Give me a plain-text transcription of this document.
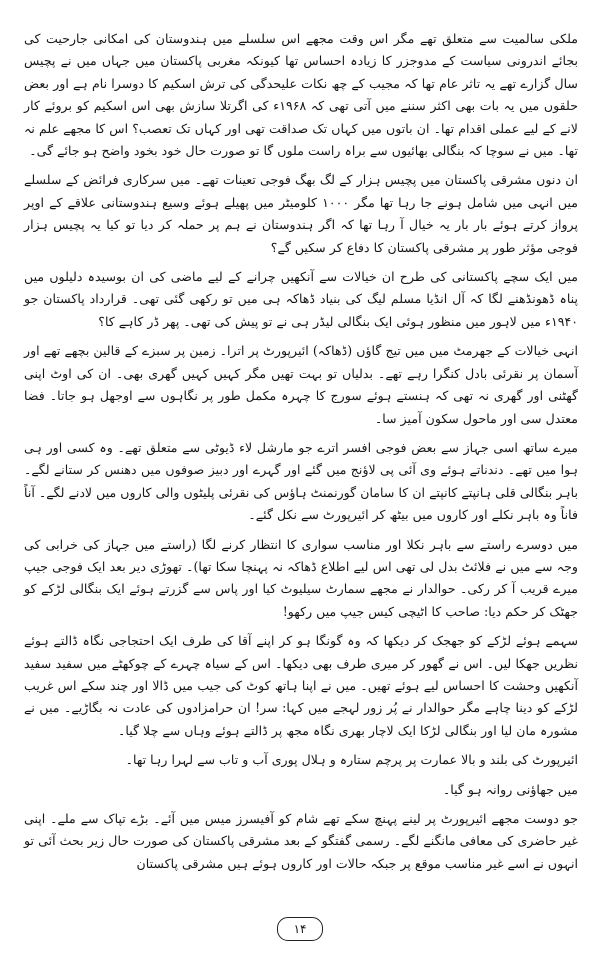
ملکی سالمیت سے متعلق تھے مگر اس وقت مجھے اس سلسلے میں ہندوستان کی امکانی جارحیت کی بجائے اندرونی سیاست کے مدوجزر کا زیادہ احساس تھا کیونکہ مغربی پاکستان میں جہاں میں نے پچیس سال گزارے تھے یہ تاثر عام تھا کہ مجیب کے چھ نکات علیحدگی کی ترش اسکیم کا دوسرا نام ہے اور بعض حلقوں میں یہ بات بھی اکثر سننے میں آتی تھی کہ ۱۹۶۸ء کی اگرتلا سازش بھی اس اسکیم کو بروئے کار لانے کے لیے عملی اقدام تھا۔ ان باتوں میں کہاں تک صداقت تھی اور کہاں تک تعصب؟ اس کا مجھے علم نہ تھا۔ میں نے سوچا کہ بنگالی بھائیوں سے براہ راست ملوں گا تو صورت حال خود بخود واضح ہو جائے گی۔

ان دنوں مشرقی پاکستان میں پچیس ہزار کے لگ بھگ فوجی تعینات تھے۔ میں سرکاری فرائض کے سلسلے میں انہی میں شامل ہونے جا رہا تھا مگر ۱۰۰۰ کلومیٹر میں پھیلے ہوئے وسیع ہندوستانی علاقے کے اوپر پرواز کرتے ہوئے بار بار یہ خیال آ رہا تھا کہ اگر ہندوستان نے ہم پر حملہ کر دیا تو کیا یہ پچیس ہزار فوجی مؤثر طور پر مشرقی پاکستان کا دفاع کر سکیں گے؟

میں ایک سچے پاکستانی کی طرح ان خیالات سے آنکھیں چرانے کے لیے ماضی کی ان بوسیدہ دلیلوں میں پناہ ڈھونڈھنے لگا کہ آل انڈیا مسلم لیگ کی بنیاد ڈھاکہ ہی میں تو رکھی گئی تھی۔ قرارداد پاکستان جو ۱۹۴۰ء میں لاہور میں منظور ہوئی ایک بنگالی لیڈر ہی نے تو پیش کی تھی۔ پھر ڈر کاہے کا؟

انہی خیالات کے جھرمٹ میں میں تیج گاؤں (ڈھاکہ) ائیرپورٹ پر اترا۔ زمین پر سبزے کے قالین بچھے تھے اور آسمان پر نقرئی بادل کنگرا رہے تھے۔ بدلیاں تو بہت تھیں مگر کہیں کہیں گھری بھی۔ ان کی اوٹ اپنی گھٹنی اور گھری نہ تھی کہ ہنستے ہوئے سورج کا چہرہ مکمل طور پر نگاہوں سے اوجھل ہو جاتا۔ فضا معتدل سی اور ماحول سکون آمیز سا۔

میرے ساتھ اسی جہاز سے بعض فوجی افسر اترے جو مارشل لاء ڈیوٹی سے متعلق تھے۔ وہ کسی اور ہی ہوا میں تھے۔ دندناتے ہوئے وی آئی پی لاؤنج میں گئے اور گہرے اور دبیز صوفوں میں دھنس کر ستانے لگے۔ باہر بنگالی قلی ہانپتے کانپتے ان کا سامان گورنمنٹ ہاؤس کی نقرئی پلیٹوں والی کاروں میں لادنے لگے۔ آناً فاناً وہ باہر نکلے اور کاروں میں بیٹھ کر ائیرپورٹ سے نکل گئے۔

میں دوسرے راستے سے باہر نکلا اور مناسب سواری کا انتظار کرنے لگا (راستے میں جہاز کی خرابی کی وجہ سے میں نے فلائٹ بدل لی تھی اس لیے اطلاع ڈھاکہ نہ پہنچا سکا تھا)۔ تھوڑی دیر بعد ایک فوجی جیپ میرے قریب آ کر رکی۔ حوالدار نے مجھے سمارٹ سیلیوٹ کیا اور پاس سے گزرتے ہوئے ایک بنگالی لڑکے کو جھٹک کر حکم دیا: صاحب کا اٹیچی کیس جیپ میں رکھو!

سہمے ہوئے لڑکے کو جھجک کر دیکھا کہ وہ گونگا ہو کر اپنے آقا کی طرف ایک احتجاجی نگاہ ڈالتے ہوئے نظریں جھکا لیں۔ اس نے گھور کر میری طرف بھی دیکھا۔ اس کے سیاہ چہرے کے چوکھٹے میں سفید سفید آنکھیں وحشت کا احساس لیے ہوئے تھیں۔ میں نے اپنا ہاتھ کوٹ کی جیب میں ڈالا اور چند سکے اس غریب لڑکے کو دینا چاہے مگر حوالدار نے پُر زور لہجے میں کہا: سر! ان حرامزادوں کی عادت نہ بگاڑیے۔ میں نے مشورہ مان لیا اور بنگالی لڑکا ایک لاچار بھری نگاہ مجھ پر ڈالتے ہوئے وہاں سے چلا گیا۔

ائیرپورٹ کی بلند و بالا عمارت پر پرچم ستارہ و ہلال پوری آب و تاب سے لہرا رہا تھا۔

میں جھاؤنی روانہ ہو گیا۔

جو دوست مجھے ائیرپورٹ پر لینے پہنچ سکے تھے شام کو آفیسرز میس میں آئے۔ بڑے تپاک سے ملے۔ اپنی غیر حاضری کی معافی مانگنے لگے۔ رسمی گفتگو کے بعد مشرقی پاکستان کی صورت حال زیر بحث آئی تو انہوں نے اسے غیر مناسب موقع پر جبکہ حالات اور کاروں ہوئے ہیں مشرقی پاکستان

۱۴
